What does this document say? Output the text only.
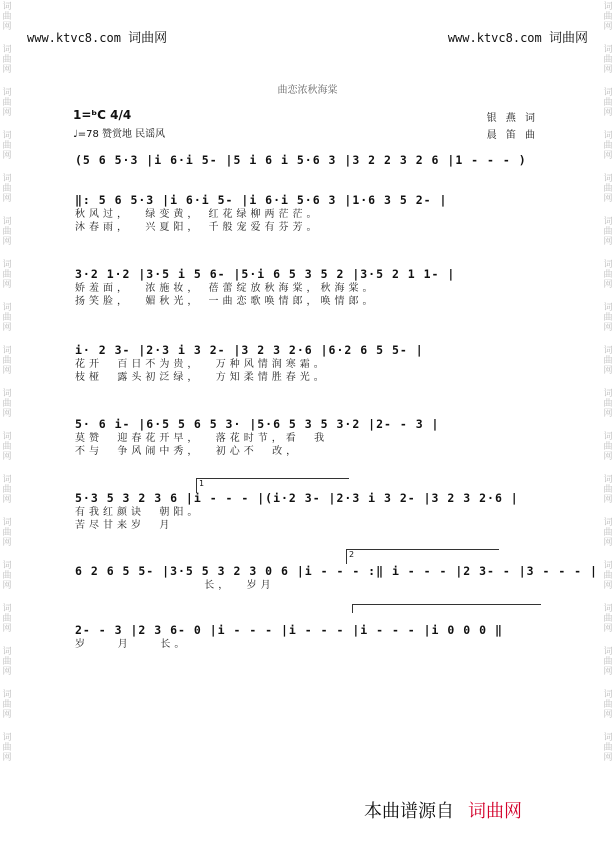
词曲网
词曲网
词曲网
词曲网
词曲网
词曲网
词曲网
词曲网
词曲网
词曲网
词曲网
词曲网
词曲网
词曲网
词曲网
词曲网
词曲网
词曲网
词曲网
词曲网
词曲网
词曲网
词曲网
词曲网
词曲网
词曲网
词曲网
词曲网
词曲网
词曲网
词曲网
词曲网
词曲网
词曲网
词曲网
词曲网
www.ktvc8.com 词曲网	www.ktvc8.com 词曲网
曲恋浓秋海棠
1=ᵇC 4/4
♩=78 赞赏地 民谣风
银 燕 词
晨 笛 曲
(5 6 5·3 |i 6·i 5- |5 i 6 i 5·6 3 |3 2 2 3 2 6 |1 - - - )
‖: 5 6 5·3 |i 6·i 5- |i 6·i 5·6 3 |1·6 3 5 2- |
秋风过，  绿变黄， 红花绿柳两茫茫。
沐春雨，  兴夏阳， 千般宠爱有芬芳。
3·2 1·2 |3·5 i 5 6- |5·i 6 5 3 5 2 |3·5 2 1 1- |
娇羞面，  浓施妆， 蓓蕾绽放秋海棠，秋海棠。
扬笑脸，  媚秋光， 一曲恋歌唤情郎，唤情郎。
i· 2 3- |2·3 i 3 2- |3 2 3 2·6 |6·2 6 5 5- |
花开  百日不为贵，  万种风情润寒霜。
枝桠  露头初泛绿，  方知柔情胜春光。
5· 6 i- |6·5 5 6 5 3· |5·6 5 3 5 3·2 |2- - 3 |
莫赞  迎春花开早，  落花时节，看  我
不与  争风闹中秀，  初心不  改，
1
5·3 5 3 2 3 6 |i - - - |(i·2 3- |2·3 i 3 2- |3 2 3 2·6 |
有我红颜诀  朝阳。
苦尽甘来岁  月
2
6 2 6 5 5- |3·5 5 3 2 3 0 6 |i - - - :‖ i - - - |2 3- - |3 - - - |
长，  岁月
2- - 3 |2 3 6- 0 |i - - - |i - - - |i - - - |i 0 0 0 ‖
岁    月    长。
本曲谱源自 词曲网
